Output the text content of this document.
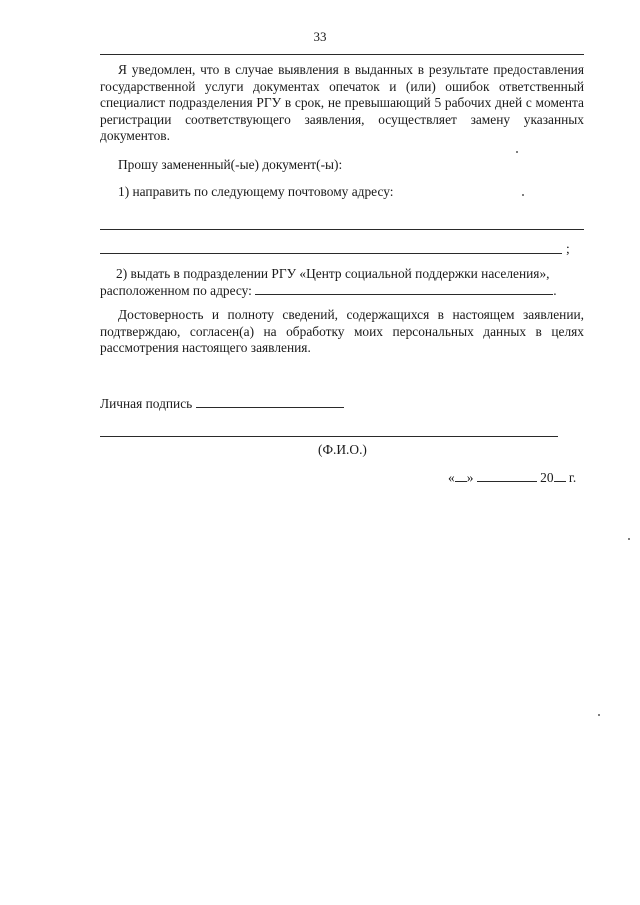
33
Я уведомлен, что в случае выявления в выданных в результате предоставления государственной услуги документах опечаток и (или) ошибок ответственный специалист подразделения РГУ в срок, не превышающий 5 рабочих дней с момента регистрации соответствующего заявления, осуществляет замену указанных документов.
Прошу замененный(-ые) документ(-ы):
1) направить по следующему почтовому адресу:
;
2) выдать в подразделении РГУ «Центр социальной поддержки населения»,
расположенном по адресу:	.
Достоверность и полноту сведений, содержащихся в настоящем заявлении, подтверждаю, согласен(а) на обработку моих персональных данных в целях рассмотрения настоящего заявления.
Личная подпись
(Ф.И.О.)
« »	20 г.
